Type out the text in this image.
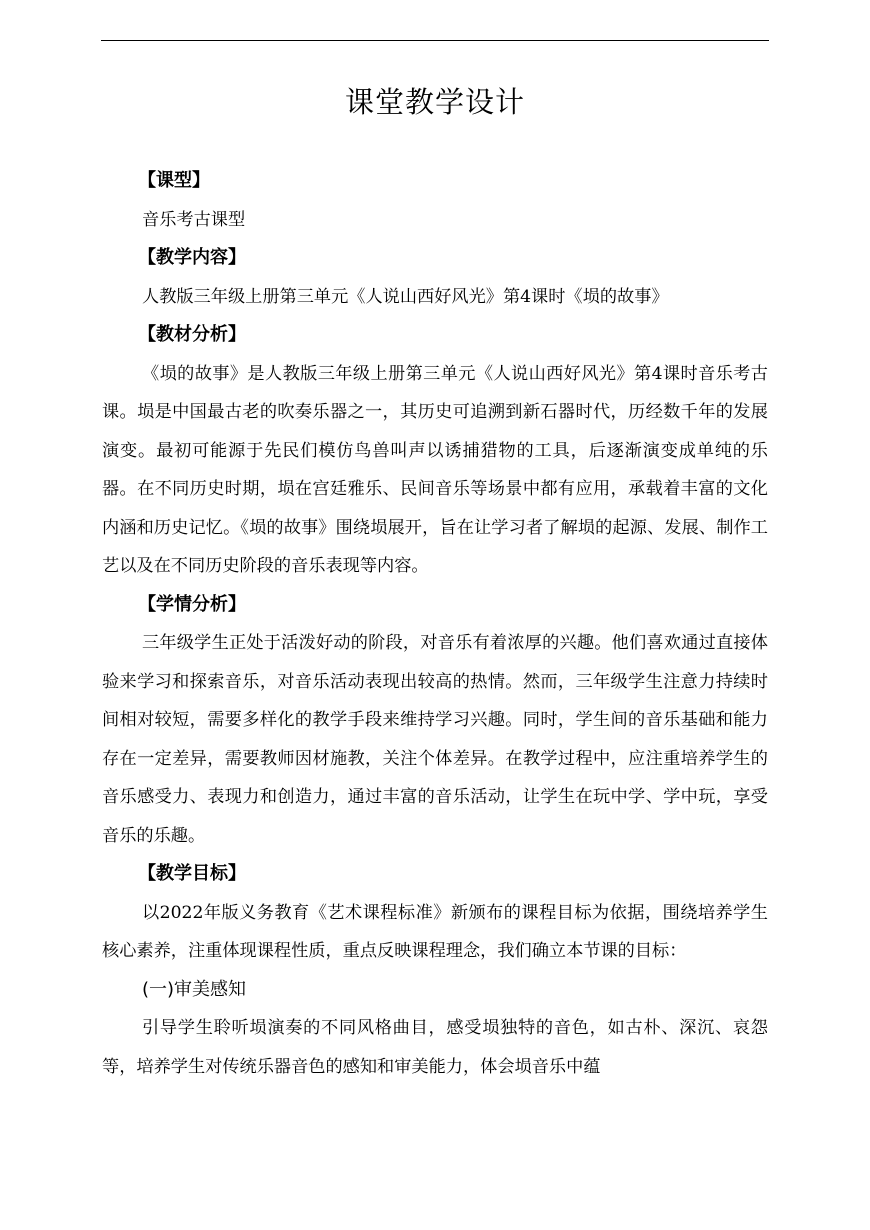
课堂教学设计
【课型】
音乐考古课型
【教学内容】
人教版三年级上册第三单元《人说山西好风光》第4课时《埙的故事》
【教材分析】

《埙的故事》是人教版三年级上册第三单元《人说山西好风光》第4课时音乐考古课。埙是中国最古老的吹奏乐器之一，其历史可追溯到新石器时代，历经数千年的发展演变。最初可能源于先民们模仿鸟兽叫声以诱捕猎物的工具，后逐渐演变成单纯的乐器。在不同历史时期，埙在宫廷雅乐、民间音乐等场景中都有应用，承载着丰富的文化内涵和历史记忆。《埙的故事》围绕埙展开，旨在让学习者了解埙的起源、发展、制作工艺以及在不同历史阶段的音乐表现等内容。

【学情分析】

三年级学生正处于活泼好动的阶段，对音乐有着浓厚的兴趣。他们喜欢通过直接体验来学习和探索音乐，对音乐活动表现出较高的热情。然而，三年级学生注意力持续时间相对较短，需要多样化的教学手段来维持学习兴趣。同时，学生间的音乐基础和能力存在一定差异，需要教师因材施教，关注个体差异。在教学过程中，应注重培养学生的音乐感受力、表现力和创造力，通过丰富的音乐活动，让学生在玩中学、学中玩，享受音乐的乐趣。

【教学目标】

以2022年版义务教育《艺术课程标准》新颁布的课程目标为依据，围绕培养学生核心素养，注重体现课程性质，重点反映课程理念，我们确立本节课的目标：

(一)审美感知

引导学生聆听埙演奏的不同风格曲目，感受埙独特的音色，如古朴、深沉、哀怨等，培养学生对传统乐器音色的感知和审美能力，体会埙音乐中蕴
